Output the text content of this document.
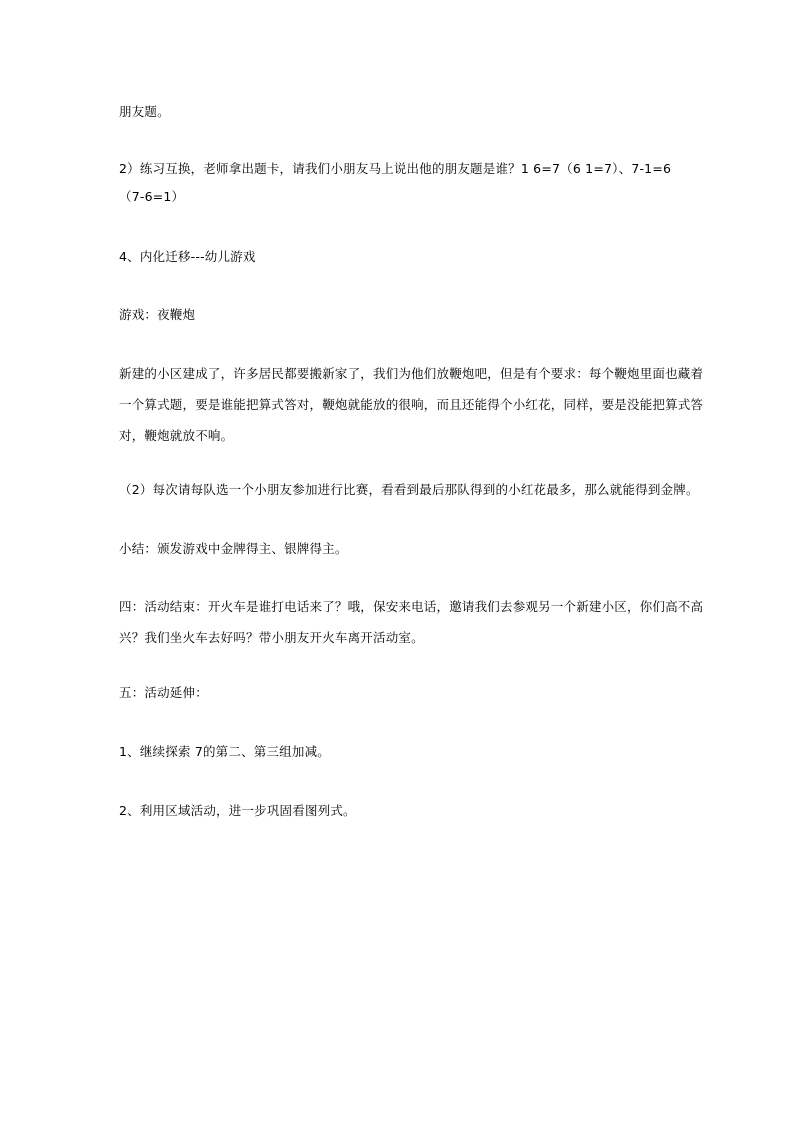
朋友题。

2）练习互换，老师拿出题卡，请我们小朋友马上说出他的朋友题是谁？1 6=7（6 1=7）、7-1=6
（7-6=1）

4、内化迁移---幼儿游戏

游戏：夜鞭炮

新建的小区建成了，许多居民都要搬新家了，我们为他们放鞭炮吧，但是有个要求：每个鞭炮里面也藏着
一个算式题，要是谁能把算式答对，鞭炮就能放的很响，而且还能得个小红花，同样，要是没能把算式答
对，鞭炮就放不响。

（2）每次请每队选一个小朋友参加进行比赛，看看到最后那队得到的小红花最多，那么就能得到金牌。

小结：颁发游戏中金牌得主、银牌得主。

四：活动结束：开火车是谁打电话来了？哦，保安来电话，邀请我们去参观另一个新建小区，你们高不高
兴？我们坐火车去好吗？带小朋友开火车离开活动室。

五：活动延伸：

1、继续探索 7的第二、第三组加减。

2、利用区域活动，进一步巩固看图列式。
